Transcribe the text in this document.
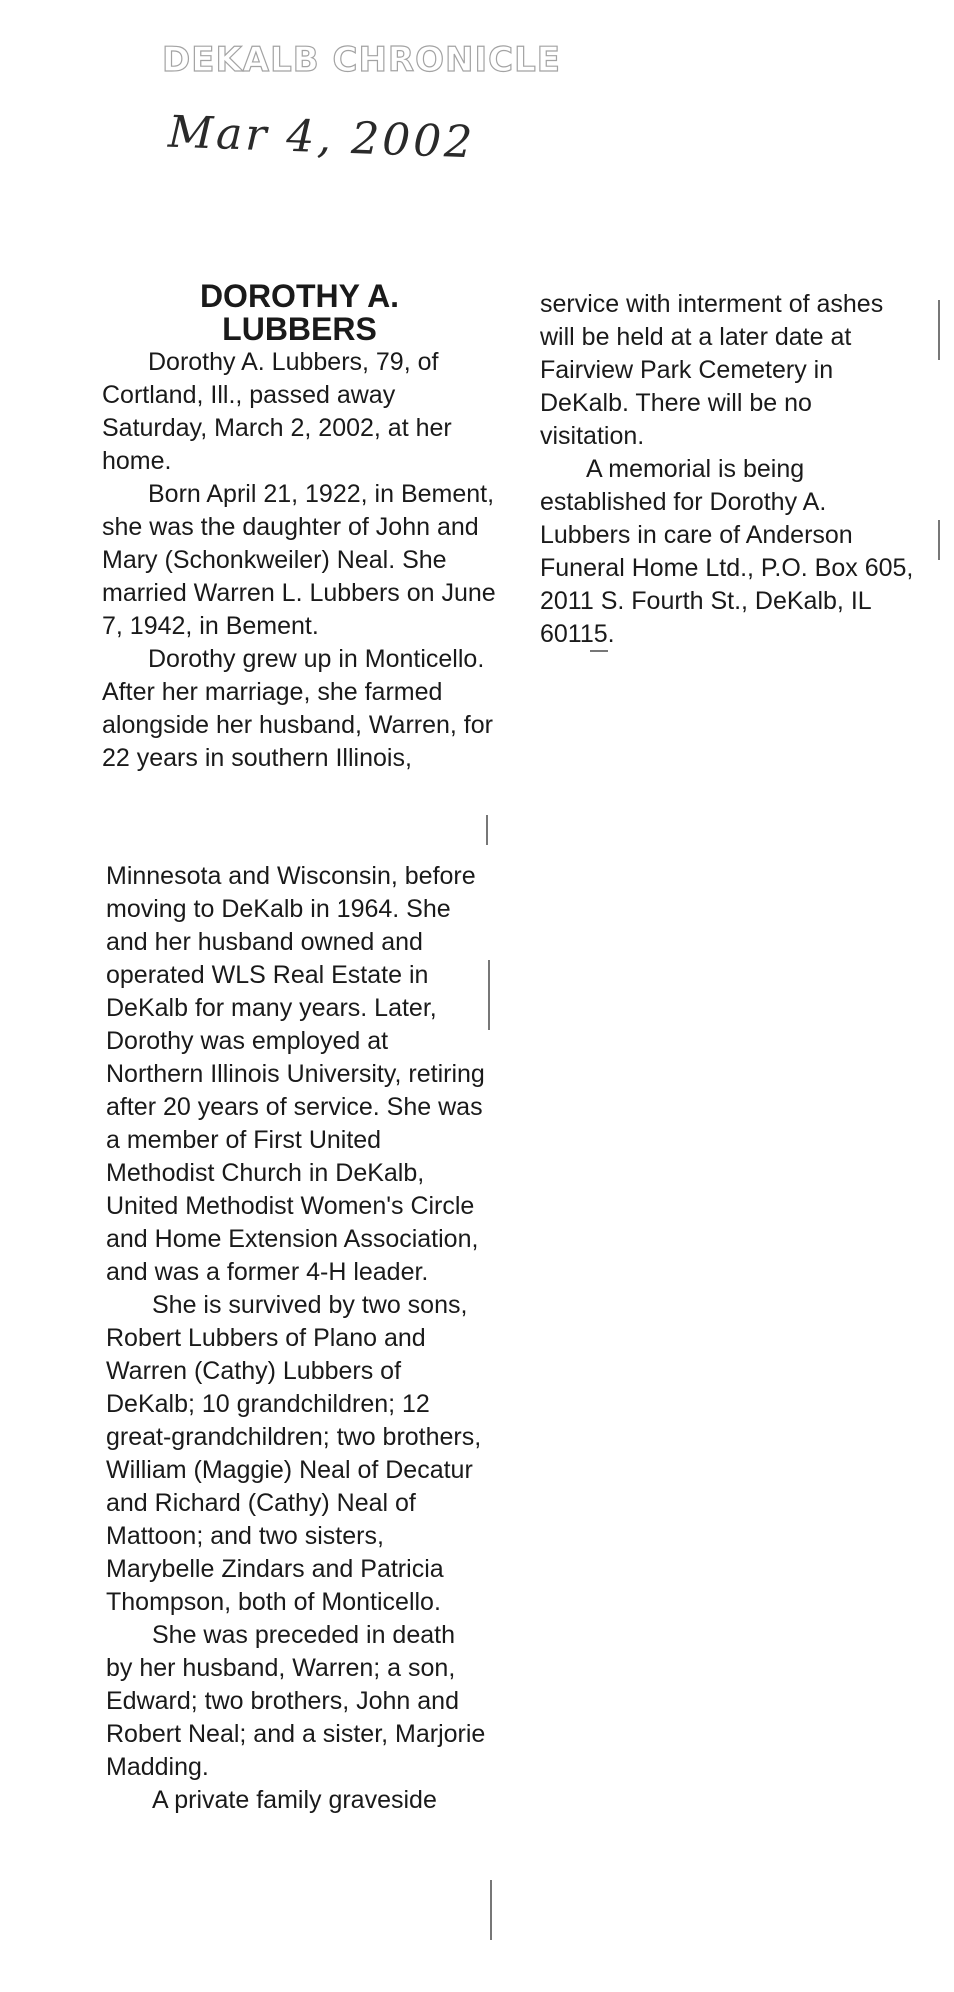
DEKALB CHRONICLE
Mar 4, 2002
DOROTHY A.
LUBBERS

Dorothy A. Lubbers, 79, of Cortland, Ill., passed away Saturday, March 2, 2002, at her home.

Born April 21, 1922, in Bement, she was the daughter of John and Mary (Schonkweiler) Neal. She married Warren L. Lubbers on June 7, 1942, in Bement.

Dorothy grew up in Monticello. After her marriage, she farmed alongside her husband, Warren, for 22 years in southern Illinois,

Minnesota and Wisconsin, before moving to DeKalb in 1964. She and her husband owned and operated WLS Real Estate in DeKalb for many years. Later, Dorothy was employed at Northern Illinois University, retiring after 20 years of service. She was a member of First United Methodist Church in DeKalb, United Methodist Women's Circle and Home Extension Association, and was a former 4-H leader.

She is survived by two sons, Robert Lubbers of Plano and Warren (Cathy) Lubbers of DeKalb; 10 grandchildren; 12 great-grandchildren; two brothers, William (Maggie) Neal of Decatur and Richard (Cathy) Neal of Mattoon; and two sisters, Marybelle Zindars and Patricia Thompson, both of Monticello.

She was preceded in death by her husband, Warren; a son, Edward; two brothers, John and Robert Neal; and a sister, Marjorie Madding.

A private family graveside

service with interment of ashes will be held at a later date at Fairview Park Cemetery in DeKalb. There will be no visitation.

A memorial is being established for Dorothy A. Lubbers in care of Anderson Funeral Home Ltd., P.O. Box 605, 2011 S. Fourth St., DeKalb, IL 60115.
